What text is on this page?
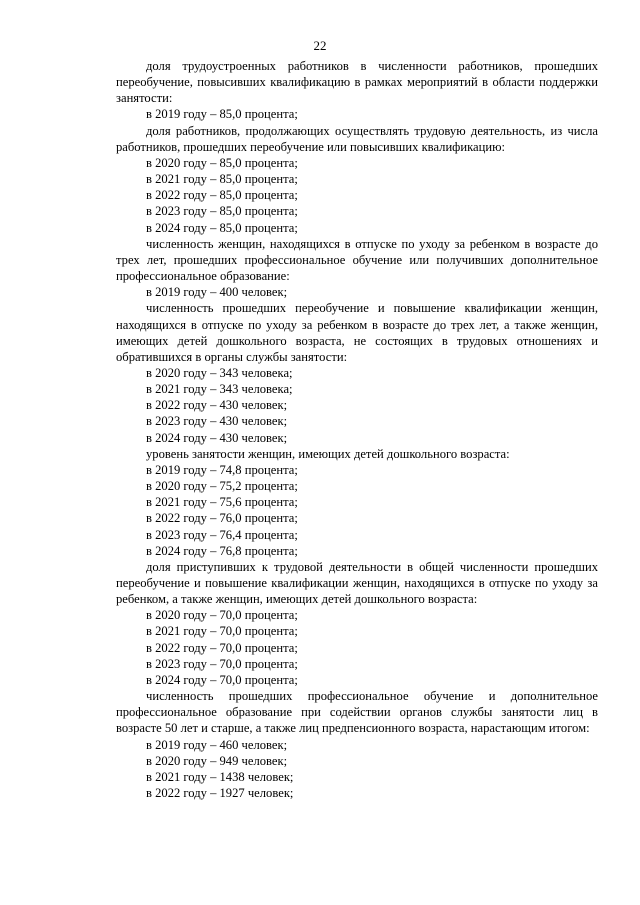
22

доля трудоустроенных работников в численности работников, прошедших переобучение, повысивших квалификацию в рамках мероприятий в области поддержки занятости:

в 2019 году – 85,0 процента;

доля работников, продолжающих осуществлять трудовую деятельность, из числа работников, прошедших переобучение или повысивших квалификацию:

в 2020 году – 85,0 процента;

в 2021 году – 85,0 процента;

в 2022 году – 85,0 процента;

в 2023 году – 85,0 процента;

в 2024 году – 85,0 процента;

численность женщин, находящихся в отпуске по уходу за ребенком в возрасте до трех лет, прошедших профессиональное обучение или получивших дополнительное профессиональное образование:

в 2019 году – 400 человек;

численность прошедших переобучение и повышение квалификации женщин, находящихся в отпуске по уходу за ребенком в возрасте до трех лет, а также женщин, имеющих детей дошкольного возраста, не состоящих в трудовых отношениях и обратившихся в органы службы занятости:

в 2020 году – 343 человека;

в 2021 году – 343 человека;

в 2022 году – 430 человек;

в 2023 году – 430 человек;

в 2024 году – 430 человек;

уровень занятости женщин, имеющих детей дошкольного возраста:

в 2019 году – 74,8 процента;

в 2020 году – 75,2 процента;

в 2021 году – 75,6 процента;

в 2022 году – 76,0 процента;

в 2023 году – 76,4 процента;

в 2024 году – 76,8 процента;

доля приступивших к трудовой деятельности в общей численности прошедших переобучение и повышение квалификации женщин, находящихся в отпуске по уходу за ребенком, а также женщин, имеющих детей дошкольного возраста:

в 2020 году – 70,0 процента;

в 2021 году – 70,0 процента;

в 2022 году – 70,0 процента;

в 2023 году – 70,0 процента;

в 2024 году – 70,0 процента;

численность прошедших профессиональное обучение и дополнительное профессиональное образование при содействии органов службы занятости лиц в возрасте 50 лет и старше, а также лиц предпенсионного возраста, нарастающим итогом:

в 2019 году – 460 человек;

в 2020 году – 949 человек;

в 2021 году – 1438 человек;

в 2022 году – 1927 человек;
